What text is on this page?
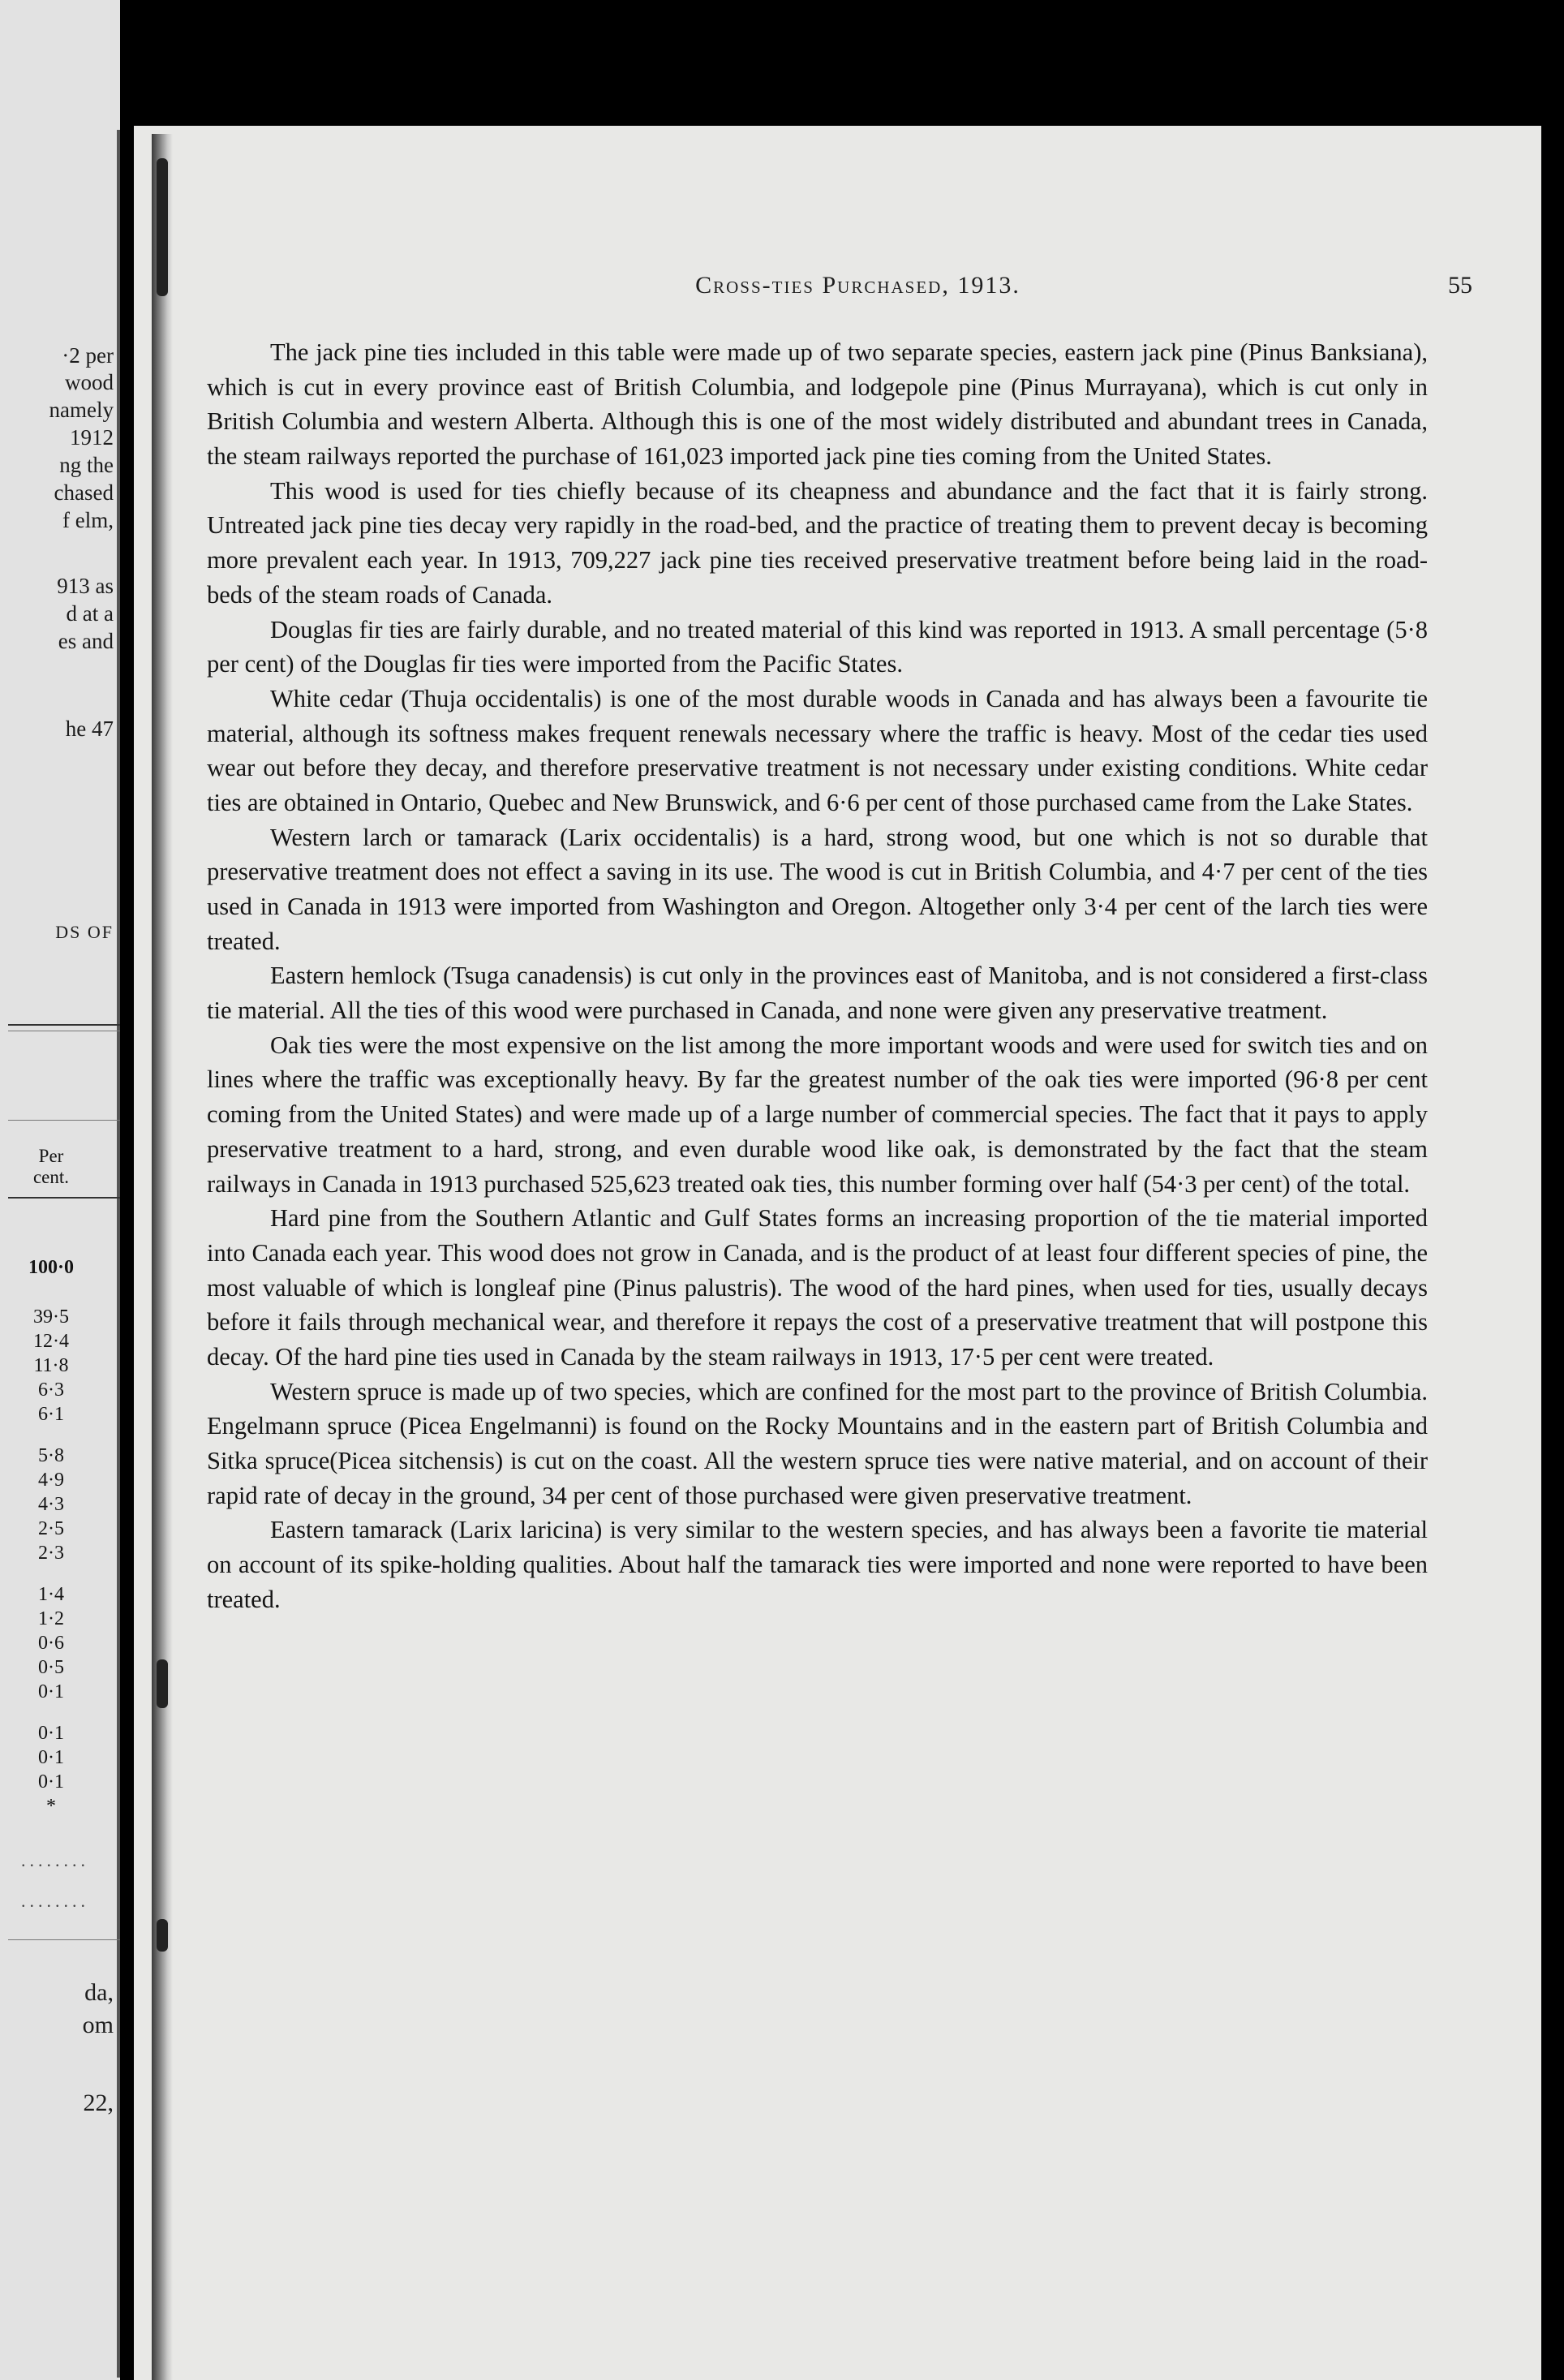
·2 per
wood
namely
1912
ng the
chased
f elm,
913 as
d at a
es and
he 47
DS OF
Per cent.
100·0
39·5
12·4
11·8
6·3
6·1
5·8
4·9
4·3
2·5
2·3
1·4
1·2
0·6
0·5
0·1
0·1
0·1
0·1
*
........
........
da,
om
22,
Cross-ties Purchased, 1913.	55

The jack pine ties included in this table were made up of two separate species, eastern jack pine (Pinus Banksiana), which is cut in every province east of British Columbia, and lodgepole pine (Pinus Murrayana), which is cut only in British Columbia and western Alberta. Although this is one of the most widely distributed and abundant trees in Canada, the steam railways reported the purchase of 161,023 imported jack pine ties coming from the United States.

This wood is used for ties chiefly because of its cheapness and abundance and the fact that it is fairly strong. Untreated jack pine ties decay very rapidly in the road-bed, and the practice of treating them to prevent decay is becoming more prevalent each year. In 1913, 709,227 jack pine ties received preservative treatment before being laid in the road-beds of the steam roads of Canada.

Douglas fir ties are fairly durable, and no treated material of this kind was reported in 1913. A small percentage (5·8 per cent) of the Douglas fir ties were imported from the Pacific States.

White cedar (Thuja occidentalis) is one of the most durable woods in Canada and has always been a favourite tie material, although its softness makes frequent renewals necessary where the traffic is heavy. Most of the cedar ties used wear out before they decay, and therefore preservative treatment is not necessary under existing conditions. White cedar ties are obtained in Ontario, Quebec and New Brunswick, and 6·6 per cent of those purchased came from the Lake States.

Western larch or tamarack (Larix occidentalis) is a hard, strong wood, but one which is not so durable that preservative treatment does not effect a saving in its use. The wood is cut in British Columbia, and 4·7 per cent of the ties used in Canada in 1913 were imported from Washington and Oregon. Altogether only 3·4 per cent of the larch ties were treated.

Eastern hemlock (Tsuga canadensis) is cut only in the provinces east of Manitoba, and is not considered a first-class tie material. All the ties of this wood were purchased in Canada, and none were given any preservative treatment.

Oak ties were the most expensive on the list among the more important woods and were used for switch ties and on lines where the traffic was exceptionally heavy. By far the greatest number of the oak ties were imported (96·8 per cent coming from the United States) and were made up of a large number of commercial species. The fact that it pays to apply preservative treatment to a hard, strong, and even durable wood like oak, is demonstrated by the fact that the steam railways in Canada in 1913 purchased 525,623 treated oak ties, this number forming over half (54·3 per cent) of the total.

Hard pine from the Southern Atlantic and Gulf States forms an increasing proportion of the tie material imported into Canada each year. This wood does not grow in Canada, and is the product of at least four different species of pine, the most valuable of which is longleaf pine (Pinus palustris). The wood of the hard pines, when used for ties, usually decays before it fails through mechanical wear, and therefore it repays the cost of a preservative treatment that will postpone this decay. Of the hard pine ties used in Canada by the steam railways in 1913, 17·5 per cent were treated.

Western spruce is made up of two species, which are confined for the most part to the province of British Columbia. Engelmann spruce (Picea Engelmanni) is found on the Rocky Mountains and in the eastern part of British Columbia and Sitka spruce(Picea sitchensis) is cut on the coast. All the western spruce ties were native material, and on account of their rapid rate of decay in the ground, 34 per cent of those purchased were given preservative treatment.

Eastern tamarack (Larix laricina) is very similar to the western species, and has always been a favorite tie material on account of its spike-holding qualities. About half the tamarack ties were imported and none were reported to have been treated.
